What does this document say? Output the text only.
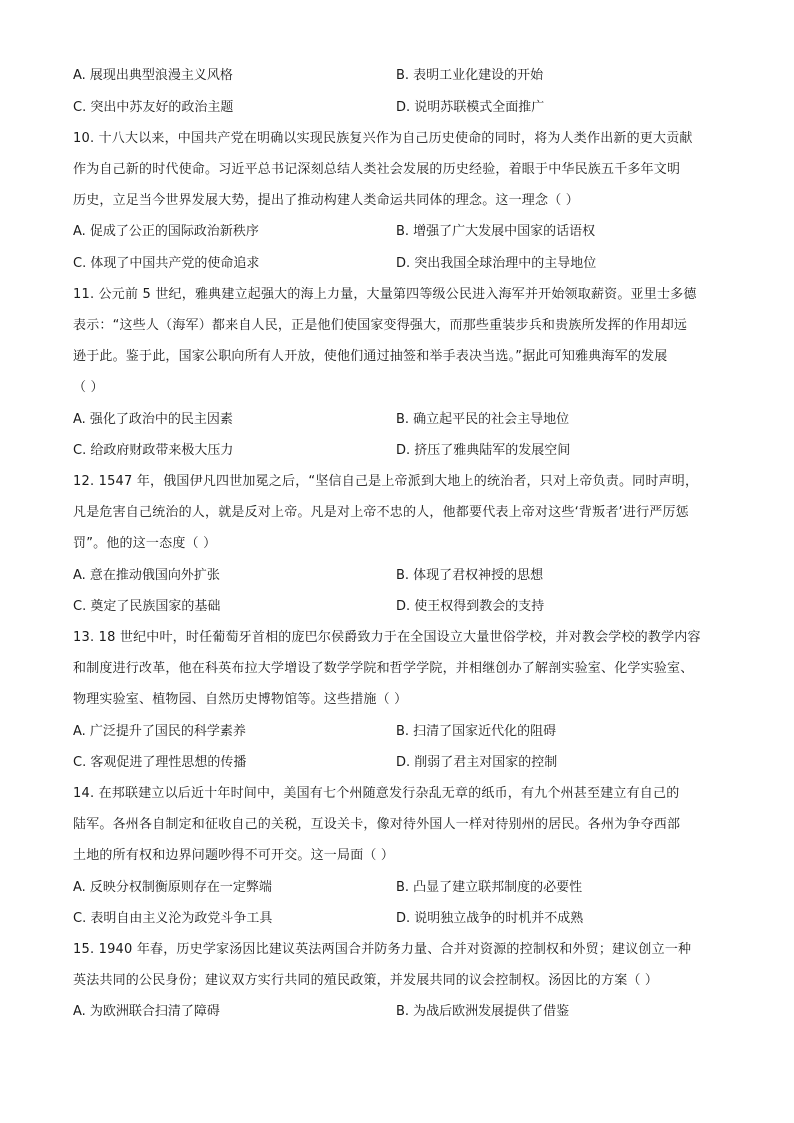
A. 展现出典型浪漫主义风格	B. 表明工业化建设的开始
C. 突出中苏友好的政治主题	D. 说明苏联模式全面推广
10. 十八大以来，中国共产党在明确以实现民族复兴作为自己历史使命的同时，将为人类作出新的更大贡献
作为自己新的时代使命。习近平总书记深刻总结人类社会发展的历史经验，着眼于中华民族五千多年文明
历史，立足当今世界发展大势，提出了推动构建人类命运共同体的理念。这一理念（ ）
A. 促成了公正的国际政治新秩序	B. 增强了广大发展中国家的话语权
C. 体现了中国共产党的使命追求	D. 突出我国全球治理中的主导地位
11. 公元前 5 世纪，雅典建立起强大的海上力量，大量第四等级公民进入海军并开始领取薪资。亚里士多德
表示：“这些人（海军）都来自人民，正是他们使国家变得强大，而那些重装步兵和贵族所发挥的作用却远
逊于此。鉴于此，国家公职向所有人开放，使他们通过抽签和举手表决当选。”据此可知雅典海军的发展
（ ）
A. 强化了政治中的民主因素	B. 确立起平民的社会主导地位
C. 给政府财政带来极大压力	D. 挤压了雅典陆军的发展空间
12. 1547 年，俄国伊凡四世加冕之后，“坚信自己是上帝派到大地上的统治者，只对上帝负责。同时声明，
凡是危害自己统治的人，就是反对上帝。凡是对上帝不忠的人，他都要代表上帝对这些‘背叛者’进行严厉惩
罚”。他的这一态度（ ）
A. 意在推动俄国向外扩张	B. 体现了君权神授的思想
C. 奠定了民族国家的基础	D. 使王权得到教会的支持
13. 18 世纪中叶，时任葡萄牙首相的庞巴尔侯爵致力于在全国设立大量世俗学校，并对教会学校的教学内容
和制度进行改革，他在科英布拉大学增设了数学学院和哲学学院，并相继创办了解剖实验室、化学实验室、
物理实验室、植物园、自然历史博物馆等。这些措施（ ）
A. 广泛提升了国民的科学素养	B. 扫清了国家近代化的阻碍
C. 客观促进了理性思想的传播	D. 削弱了君主对国家的控制
14. 在邦联建立以后近十年时间中，美国有七个州随意发行杂乱无章的纸币，有九个州甚至建立有自己的
陆军。各州各自制定和征收自己的关税，互设关卡，像对待外国人一样对待别州的居民。各州为争夺西部
土地的所有权和边界问题吵得不可开交。这一局面（ ）
A. 反映分权制衡原则存在一定弊端	B. 凸显了建立联邦制度的必要性
C. 表明自由主义沦为政党斗争工具	D. 说明独立战争的时机并不成熟
15. 1940 年春，历史学家汤因比建议英法两国合并防务力量、合并对资源的控制权和外贸；建议创立一种
英法共同的公民身份；建议双方实行共同的殖民政策，并发展共同的议会控制权。汤因比的方案（ ）
A. 为欧洲联合扫清了障碍	B. 为战后欧洲发展提供了借鉴
